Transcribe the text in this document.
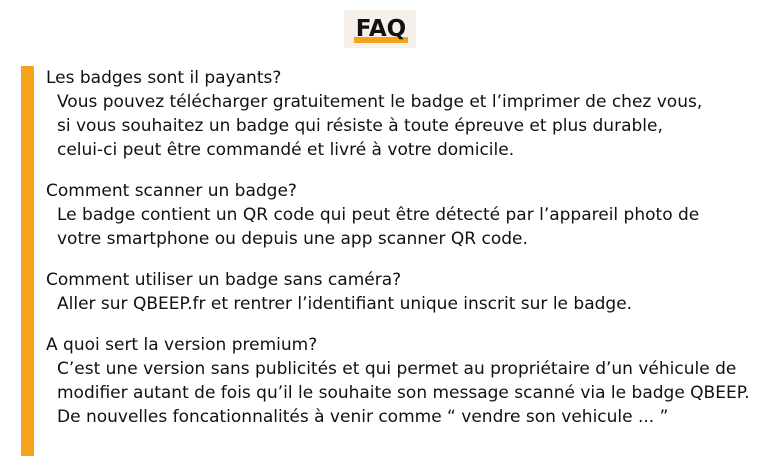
FAQ
Les badges sont il payants?
Vous pouvez télécharger gratuitement le badge et l’imprimer de chez vous,
si vous souhaitez un badge qui résiste à toute épreuve et plus durable,
celui-ci peut être commandé et livré à votre domicile.
Comment scanner un badge?
Le badge contient un QR code qui peut être détecté par l’appareil photo de
votre smartphone ou depuis une app scanner QR code.
Comment utiliser un badge sans caméra?
Aller sur QBEEP.fr et rentrer l’identifiant unique inscrit sur le badge.
A quoi sert la version premium?
C’est une version sans publicités et qui permet au propriétaire d’un véhicule de
modifier autant de fois qu’il le souhaite son message scanné via le badge QBEEP.
De nouvelles foncationnalités à venir comme “ vendre son vehicule ... ”
